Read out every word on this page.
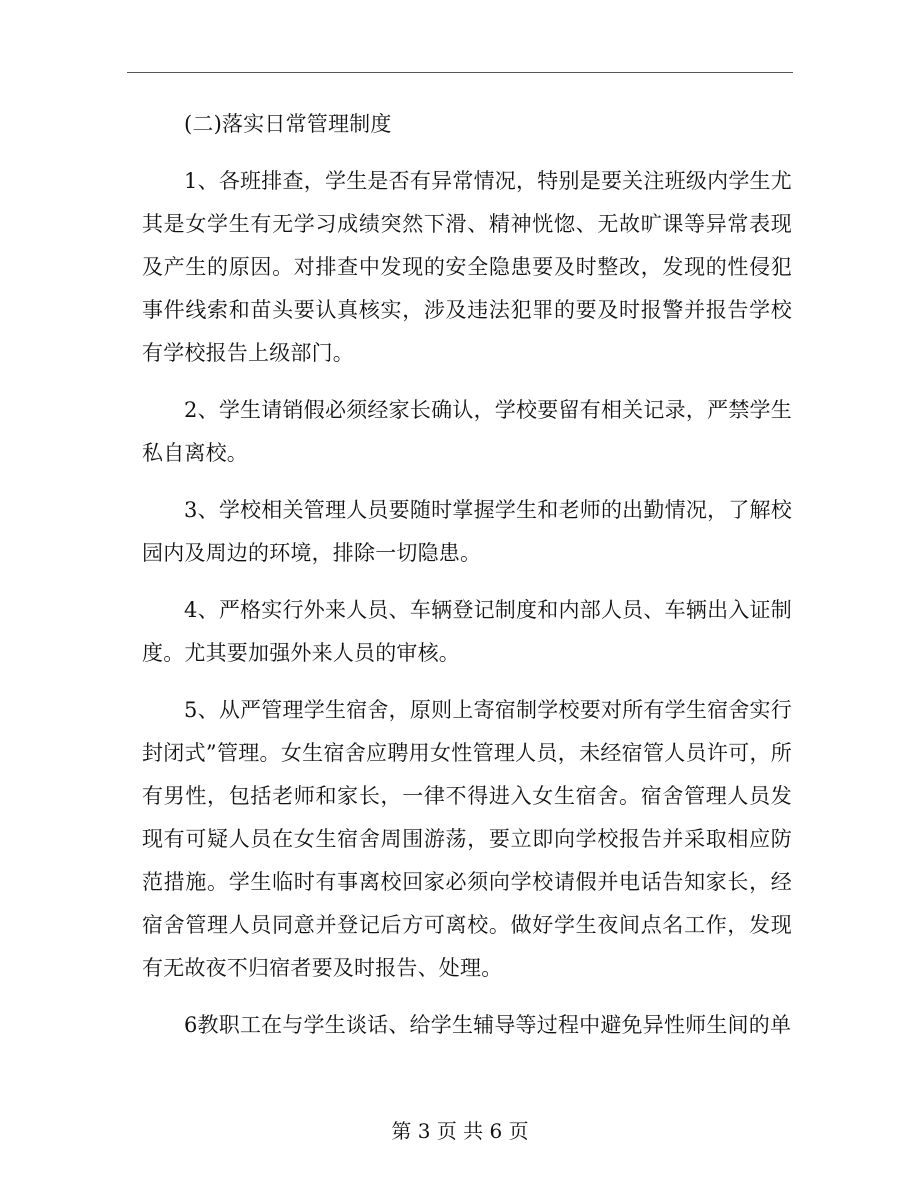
(二)落实日常管理制度

1、各班排查，学生是否有异常情况，特别是要关注班级内学生尤其是女学生有无学习成绩突然下滑、精神恍惚、无故旷课等异常表现及产生的原因。对排查中发现的安全隐患要及时整改，发现的性侵犯事件线索和苗头要认真核实，涉及违法犯罪的要及时报警并报告学校有学校报告上级部门。

2、学生请销假必须经家长确认，学校要留有相关记录，严禁学生私自离校。

3、学校相关管理人员要随时掌握学生和老师的出勤情况，了解校园内及周边的环境，排除一切隐患。

4、严格实行外来人员、车辆登记制度和内部人员、车辆出入证制度。尤其要加强外来人员的审核。

5、从严管理学生宿舍，原则上寄宿制学校要对所有学生宿舍实行封闭式”管理。女生宿舍应聘用女性管理人员，未经宿管人员许可，所有男性，包括老师和家长，一律不得进入女生宿舍。宿舍管理人员发现有可疑人员在女生宿舍周围游荡，要立即向学校报告并采取相应防范措施。学生临时有事离校回家必须向学校请假并电话告知家长，经宿舍管理人员同意并登记后方可离校。做好学生夜间点名工作，发现有无故夜不归宿者要及时报告、处理。

6教职工在与学生谈话、给学生辅导等过程中避免异性师生间的单

第 3 页 共 6 页
